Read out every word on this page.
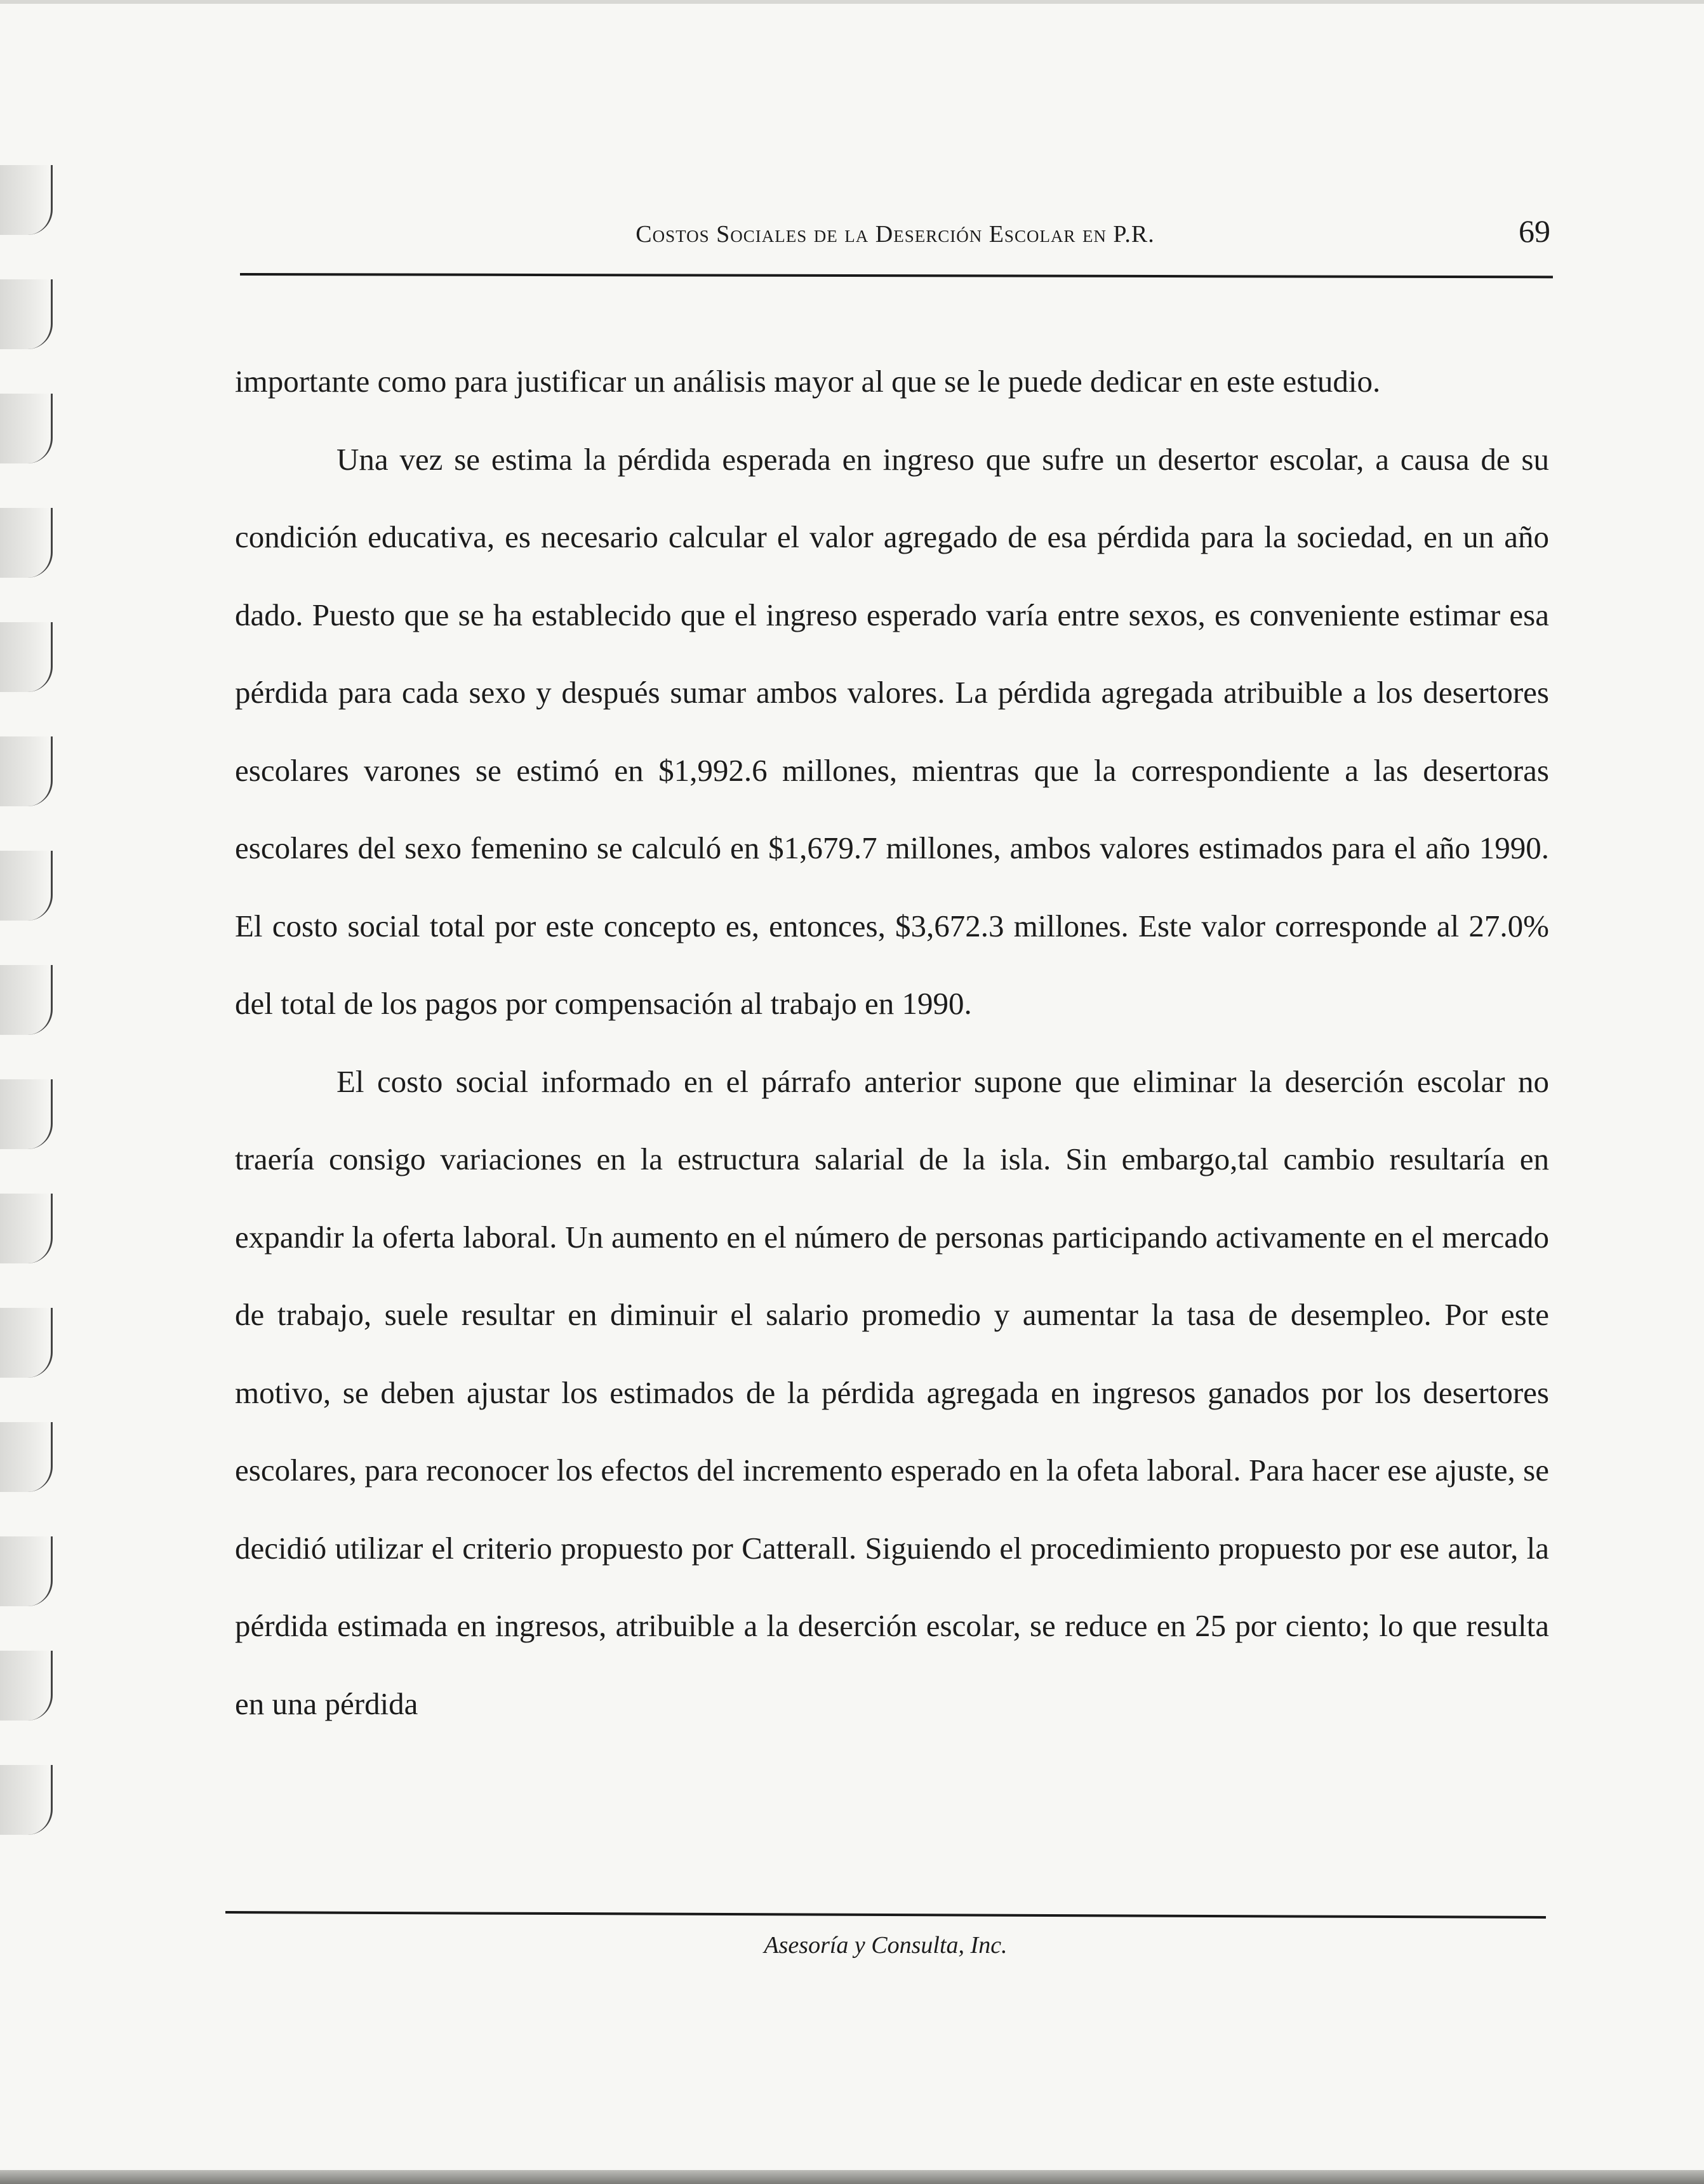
Costos Sociales de la Deserción Escolar en P.R.	69

importante como para justificar un análisis mayor al que se le puede dedicar en este estudio.

Una vez se estima la pérdida esperada en ingreso que sufre un desertor escolar, a causa de su condición educativa, es necesario calcular el valor agregado de esa pérdida para la sociedad, en un año dado. Puesto que se ha establecido que el ingreso esperado varía entre sexos, es conveniente estimar esa pérdida para cada sexo y después sumar ambos valores. La pérdida agregada atribuible a los desertores escolares varones se estimó en $1,992.6 millones, mientras que la correspondiente a las desertoras escolares del sexo femenino se calculó en $1,679.7 millones, ambos valores estimados para el año 1990. El costo social total por este concepto es, entonces, $3,672.3 millones. Este valor corresponde al 27.0% del total de los pagos por compensación al trabajo en 1990.

El costo social informado en el párrafo anterior supone que eliminar la deserción escolar no traería consigo variaciones en la estructura salarial de la isla. Sin embargo,tal cambio resultaría en expandir la oferta laboral. Un aumento en el número de personas participando activamente en el mercado de trabajo, suele resultar en diminuir el salario promedio y aumentar la tasa de desempleo. Por este motivo, se deben ajustar los estimados de la pérdida agregada en ingresos ganados por los desertores escolares, para reconocer los efectos del incremento esperado en la ofeta laboral. Para hacer ese ajuste, se decidió utilizar el criterio propuesto por Catterall. Siguiendo el procedimiento propuesto por ese autor, la pérdida estimada en ingresos, atribuible a la deserción escolar, se reduce en 25 por ciento; lo que resulta en una pérdida

Asesoría y Consulta, Inc.
